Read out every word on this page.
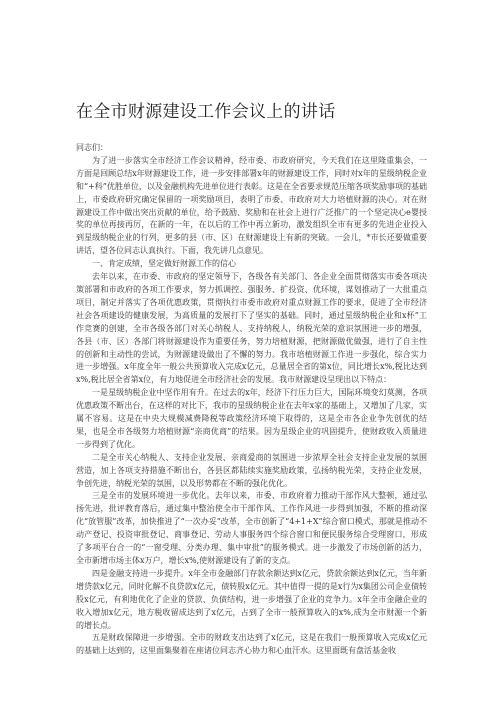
在全市财源建设工作会议上的讲话

同志们：

为了进一步落实全市经济工作会议精神，经市委、市政府研究，今天我们在这里隆重集会，一方面是回顾总结x年财源建设工作，进一步安排部署x年的财源建设工作，同时对x年的星级纳税企业和“+科”优胜单位，以及金融机构先进单位进行表彰。这是在全省要求规范压缩各项奖励事项的基础上，市委政府研究确定保留的一项奖励项目，表明了市委、市政府对大力培植财源的决心。对在财源建设工作中做出突出贡献的单位，给予鼓励、奖励和在社会上进行广泛推广的一个坚定决心e婴授奖的单位再接再厉，在新的一年，在以后的工作中再立新功，激发组织全市有更多的先进企业投入到星级纳税企业的行列，更多的县（市、区）在财源建设上有新的突破。一会儿，*市长还要做重要讲话，望各位同志认真执行。下面，我先讲几点意见。

一、肯定成绩，坚定做好财源工作的信心

去年以来，在市委、市政府的坚定领导下，各级各有关部门、各企业全面贯彻落实市委各项决策部署和市政府的各项工作要求，努力抓调控、强服务、扩投资、优环境，谋划推动了一大批重点项目，制定并落实了各项优惠政策，贯彻执行市委市政府对重点财源工作的要求，促进了全市经济社会各项建设的健康发展，为高质量的发展打下了坚实的基础。同时，通过星级纳税企业和x杯”工作竞赛的创建，全市各级各部门对关心纳税人、支持纳税人，纳税光荣的意识氛围进一步的增强，各县（市、区）各部门将财源建设作为重要任务，努力培植财源，把财源做优做强，进行了自主性的创新和主动性的尝试，为财源建设做出了不懈的努力。我市培植财源工作进一步强化，综合实力进一步增强。x年度全年一般公共预算收入完成x亿元，总量居全省的第x位，同比增长x%,税比达到x%,税比居全省第x位，有力地促进全市经济社会的发展。我市财源建设呈现出以下特点：

一是星级纳税企业中坚作用有升。在过去的x年，经济下行压力巨大，国际环境变幻莫测，各项优惠政策不断出台，在这样的对比下，我市的星级纳税企业在去年x家的基础上，又增加了几家，实属不容易。这是在中央大规模减费降税等政策经济环境下取得的，这是全市各企业争先创优的结果，也是全市各级努力培植财源“亲商优商”的结果。因为星级企业的巩固提升，使财政收入质量进一步得到了优化。

二是全市关心纳税人、支持企业发展、亲商爱商的氛围进一步浓厚全社会支持企业发展的氛围营造，加上各项支持措施不断出台，各县区都陆续实施奖励政策，弘扬纳税光荣，支持企业发展，争创先进，纳税光荣的氛围，以及形势都在不断的强化优化。

三是全市的发展环境进一步优化。去年以来，市委、市政府着力推动干部作风大整顿，通过弘扬先进，批评教育落后，通过集中整治使全市干部作风、工作作风进一步得到加强，不断的推动深化“放管服”改革，加快推进了“一次办妥”改革，全市创新了“4+1+X”综合窗口模式，那就是推动不动产登记、投资审批登记、商事登记、劳动人事服务四个综合窗口和便民服务综合受理窗口，形成了多项平台合一的“一窗受理、分类办理、集中审批”的服务模式。进一步激发了市场创新的活力，全市新增市场主体x万户，增长x%,使财源建设有了新的支点。

四是金融支持进一步提升。x年全市金融部门存款余额达到x亿元，贷款余额达到x亿元，当年新增贷款x亿元，同时化解不良贷款x亿元，债转股x亿元。其中值得一提的是x行为x集团公司企业债转股x亿元，有利地优化了企业的贷款、负债结构，进一步增强了企业的竞争力。x年全市金融企业的收入增加x亿元，地方税收留成达到了x亿元，占到了全市一般预算收入的x%,成为全市财源一个新的增长点。

五是财政保障进一步增强。全市的财政支出达到了x亿元，这是在我们一般预算收入完成x亿元的基础上达到的，这里面集聚着在座诸位同志齐心协力和心血汗水。这里面既有盘活基金收
